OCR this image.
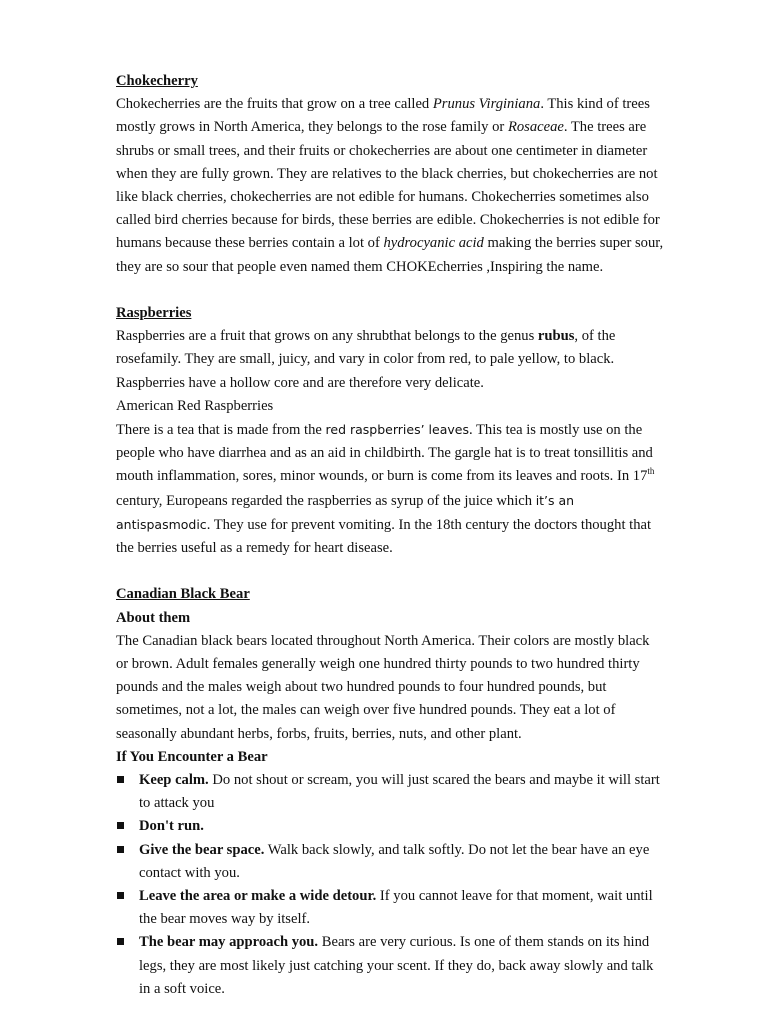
Chokecherry

Chokecherries are the fruits that grow on a tree called Prunus Virginiana. This kind of trees mostly grows in North America, they belongs to the rose family or Rosaceae. The trees are shrubs or small trees, and their fruits or chokecherries are about one centimeter in diameter when they are fully grown. They are relatives to the black cherries, but chokecherries are not like black cherries, chokecherries are not edible for humans. Chokecherries sometimes also called bird cherries because for birds, these berries are edible. Chokecherries is not edible for humans because these berries contain a lot of hydrocyanic acid making the berries super sour, they are so sour that people even named them CHOKEcherries ,Inspiring the name.

Raspberries

Raspberries are a fruit that grows on any shrubthat belongs to the genus rubus, of the rosefamily. They are small, juicy, and vary in color from red, to pale yellow, to black. Raspberries have a hollow core and are therefore very delicate.

American Red Raspberries

There is a tea that is made from the red raspberries’ leaves. This tea is mostly use on the people who have diarrhea and as an aid in childbirth. The gargle hat is to treat tonsillitis and mouth inflammation, sores, minor wounds, or burn is come from its leaves and roots. In 17th century, Europeans regarded the raspberries as syrup of the juice which it’s an antispasmodic. They use for prevent vomiting. In the 18th century the doctors thought that the berries useful as a remedy for heart disease.

Canadian Black Bear

About them

The Canadian black bears located throughout North America. Their colors are mostly black or brown. Adult females generally weigh one hundred thirty pounds to two hundred thirty pounds and the males weigh about two hundred pounds to four hundred pounds, but sometimes, not a lot, the males can weigh over five hundred pounds. They eat a lot of seasonally abundant herbs, forbs, fruits, berries, nuts, and other plant.

If You Encounter a Bear

Keep calm. Do not shout or scream, you will just scared the bears and maybe it will start to attack you
Don't run.
Give the bear space. Walk back slowly, and talk softly. Do not let the bear have an eye contact with you.
Leave the area or make a wide detour. If you cannot leave for that moment, wait until the bear moves way by itself.
The bear may approach you. Bears are very curious. Is one of them stands on its hind legs, they are most likely just catching your scent. If they do, back away slowly and talk in a soft voice.
